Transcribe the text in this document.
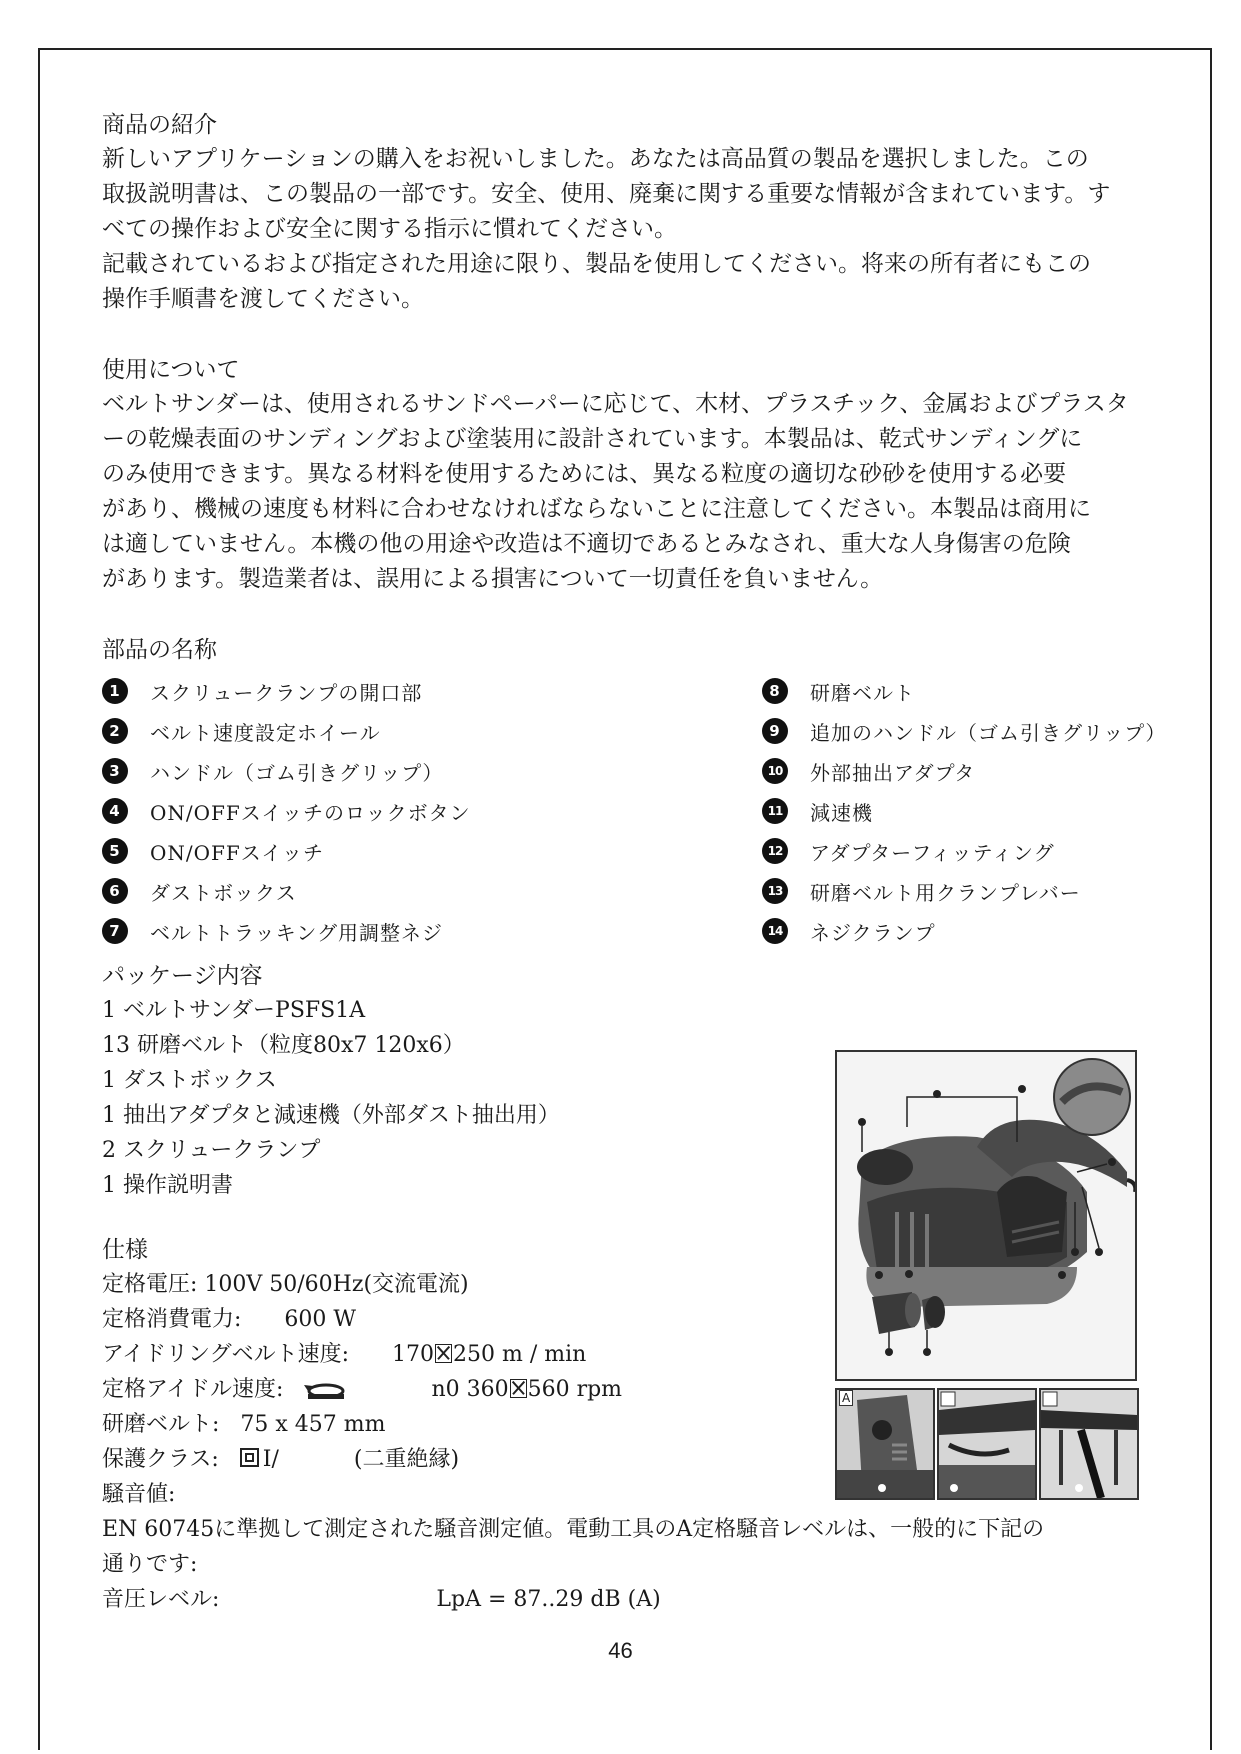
商品の紹介

新しいアプリケーションの購入をお祝いしました。あなたは高品質の製品を選択しました。この

取扱説明書は、この製品の一部です。安全、使用、廃棄に関する重要な情報が含まれています。す

べての操作および安全に関する指示に慣れてください。

記載されているおよび指定された用途に限り、製品を使用してください。将来の所有者にもこの

操作手順書を渡してください。

使用について

ベルトサンダーは、使用されるサンドペーパーに応じて、木材、プラスチック、金属およびプラスタ

ーの乾燥表面のサンディングおよび塗装用に設計されています。本製品は、乾式サンディングに

のみ使用できます。異なる材料を使用するためには、異なる粒度の適切な砂砂を使用する必要

があり、機械の速度も材料に合わせなければならないことに注意してください。本製品は商用に

は適していません。本機の他の用途や改造は不適切であるとみなされ、重大な人身傷害の危険

があります。製造業者は、誤用による損害について一切責任を負いません。

部品の名称

1	スクリュークランプの開口部
2	ベルト速度設定ホイール
3	ハンドル（ゴム引きグリップ）
4	ON/OFFスイッチのロックボタン
5	ON/OFFスイッチ
6	ダストボックス
7	ベルトトラッキング用調整ネジ
8	研磨ベルト
9	追加のハンドル（ゴム引きグリップ）
10 外部抽出アダプタ
11 減速機
12 アダプターフィッティング
13 研磨ベルト用クランプレバー
14 ネジクランプ

パッケージ内容

1 ベルトサンダーPSFS1A
13 研磨ベルト（粒度80x7 120x6）
1 ダストボックス
1 抽出アダプタと減速機（外部ダスト抽出用）
2 スクリュークランプ
1 操作説明書

仕様

定格電圧: 100V 50/60Hz(交流電流)
定格消費電力: 600 W
アイドリングベルト速度: 170 250 m / min
定格アイドル速度:	n0 360 560 rpm
研磨ベルト: 75 x 457 mm
保護クラス: I/	(二重絶縁)
騒音値:
EN 60745に準拠して測定された騒音測定値。電動工具のA定格騒音レベルは、一般的に下記の
通りです:
音圧レベル:	LpA = 87..29 dB (A)
A
46
